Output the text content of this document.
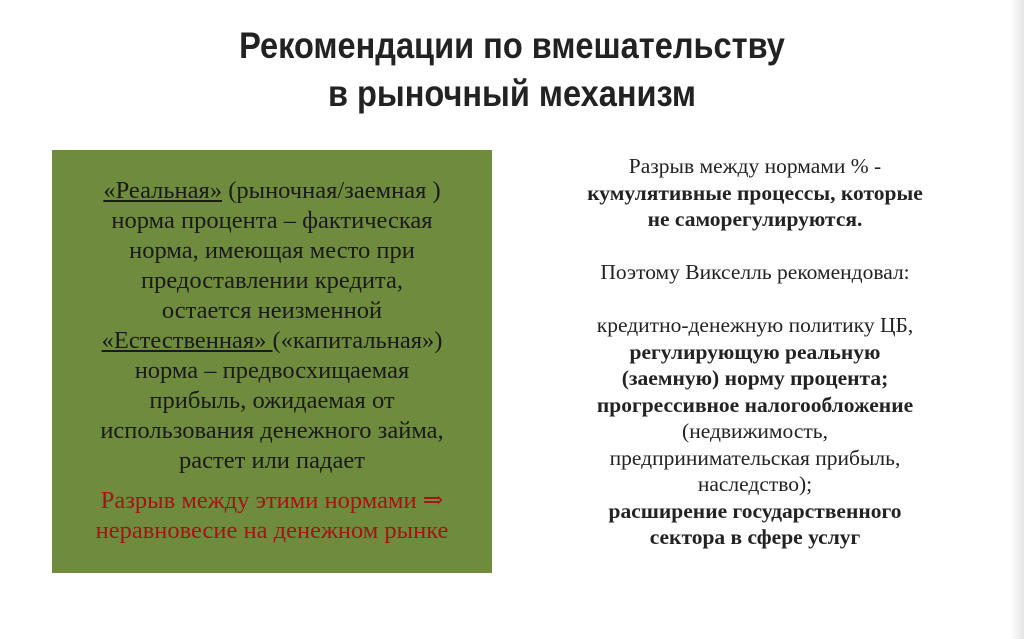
Рекомендации по вмешательству
в рыночный механизм
«Реальная» (рыночная/заемная )
норма процента – фактическая
норма, имеющая место при
предоставлении кредита,
остается неизменной
«Естественная» («капитальная»)
норма – предвосхищаемая
прибыль, ожидаемая от
использования денежного займа,
растет или падает
Разрыв между этими нормами ⇒
неравновесие на денежном рынке
Разрыв между нормами % -
кумулятивные процессы, которые
не саморегулируются.
Поэтому Викселль рекомендовал:
кредитно-денежную политику ЦБ,
регулирующую реальную
(заемную) норму процента;
прогрессивное налогообложение
(недвижимость,
предпринимательская прибыль,
наследство);
расширение государственного
сектора в сфере услуг
